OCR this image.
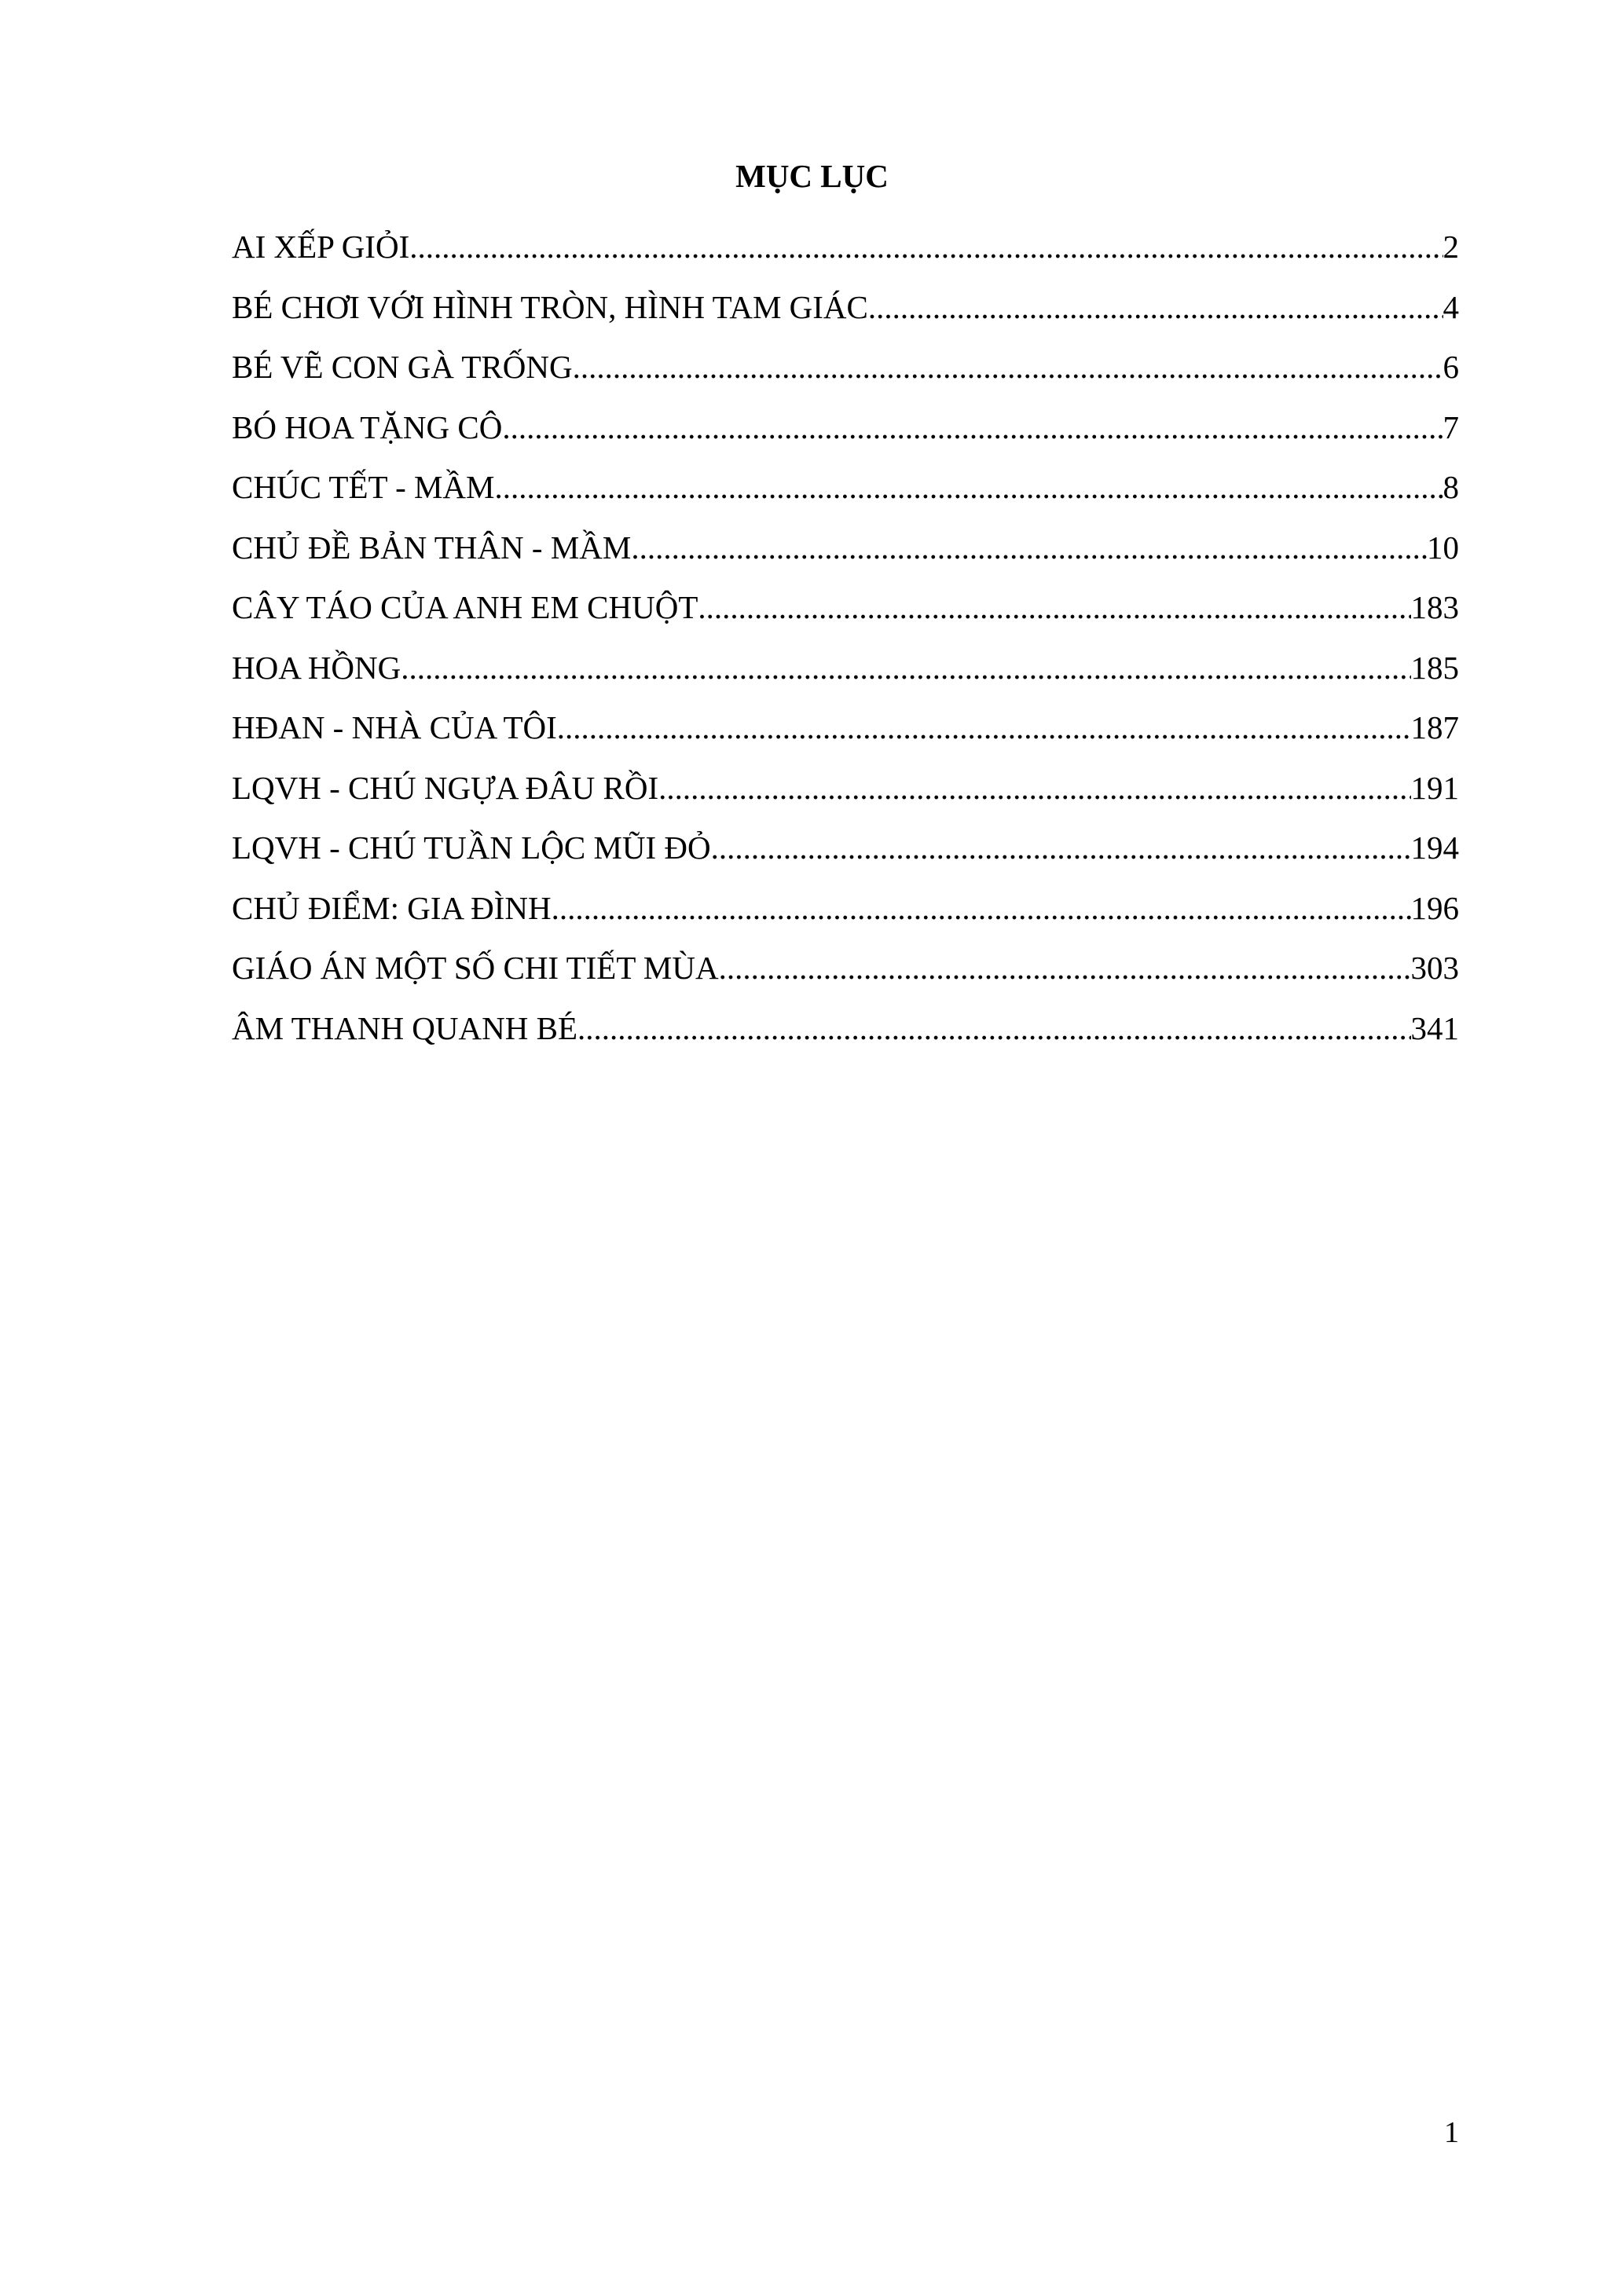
MỤC LỤC
AI XẾP GIỎI .....	2
BÉ CHƠI VỚI HÌNH TRÒN, HÌNH TAM GIÁC .....	4
BÉ VẼ CON GÀ TRỐNG .....	6
BÓ HOA TẶNG CÔ .....	7
CHÚC TẾT - MẦM .....	8
CHỦ ĐỀ BẢN THÂN - MẦM .....	10
CÂY TÁO CỦA ANH EM CHUỘT .....	183
HOA HỒNG .....	185
HĐAN - NHÀ CỦA TÔI .....	187
LQVH - CHÚ NGỰA ĐÂU RỒI .....	191
LQVH - CHÚ TUẦN LỘC MŨI ĐỎ .....	194
CHỦ ĐIỂM: GIA ĐÌNH .....	196
GIÁO ÁN MỘT SỐ CHI TIẾT MÙA .....	303
ÂM THANH QUANH BÉ .....	341
1
